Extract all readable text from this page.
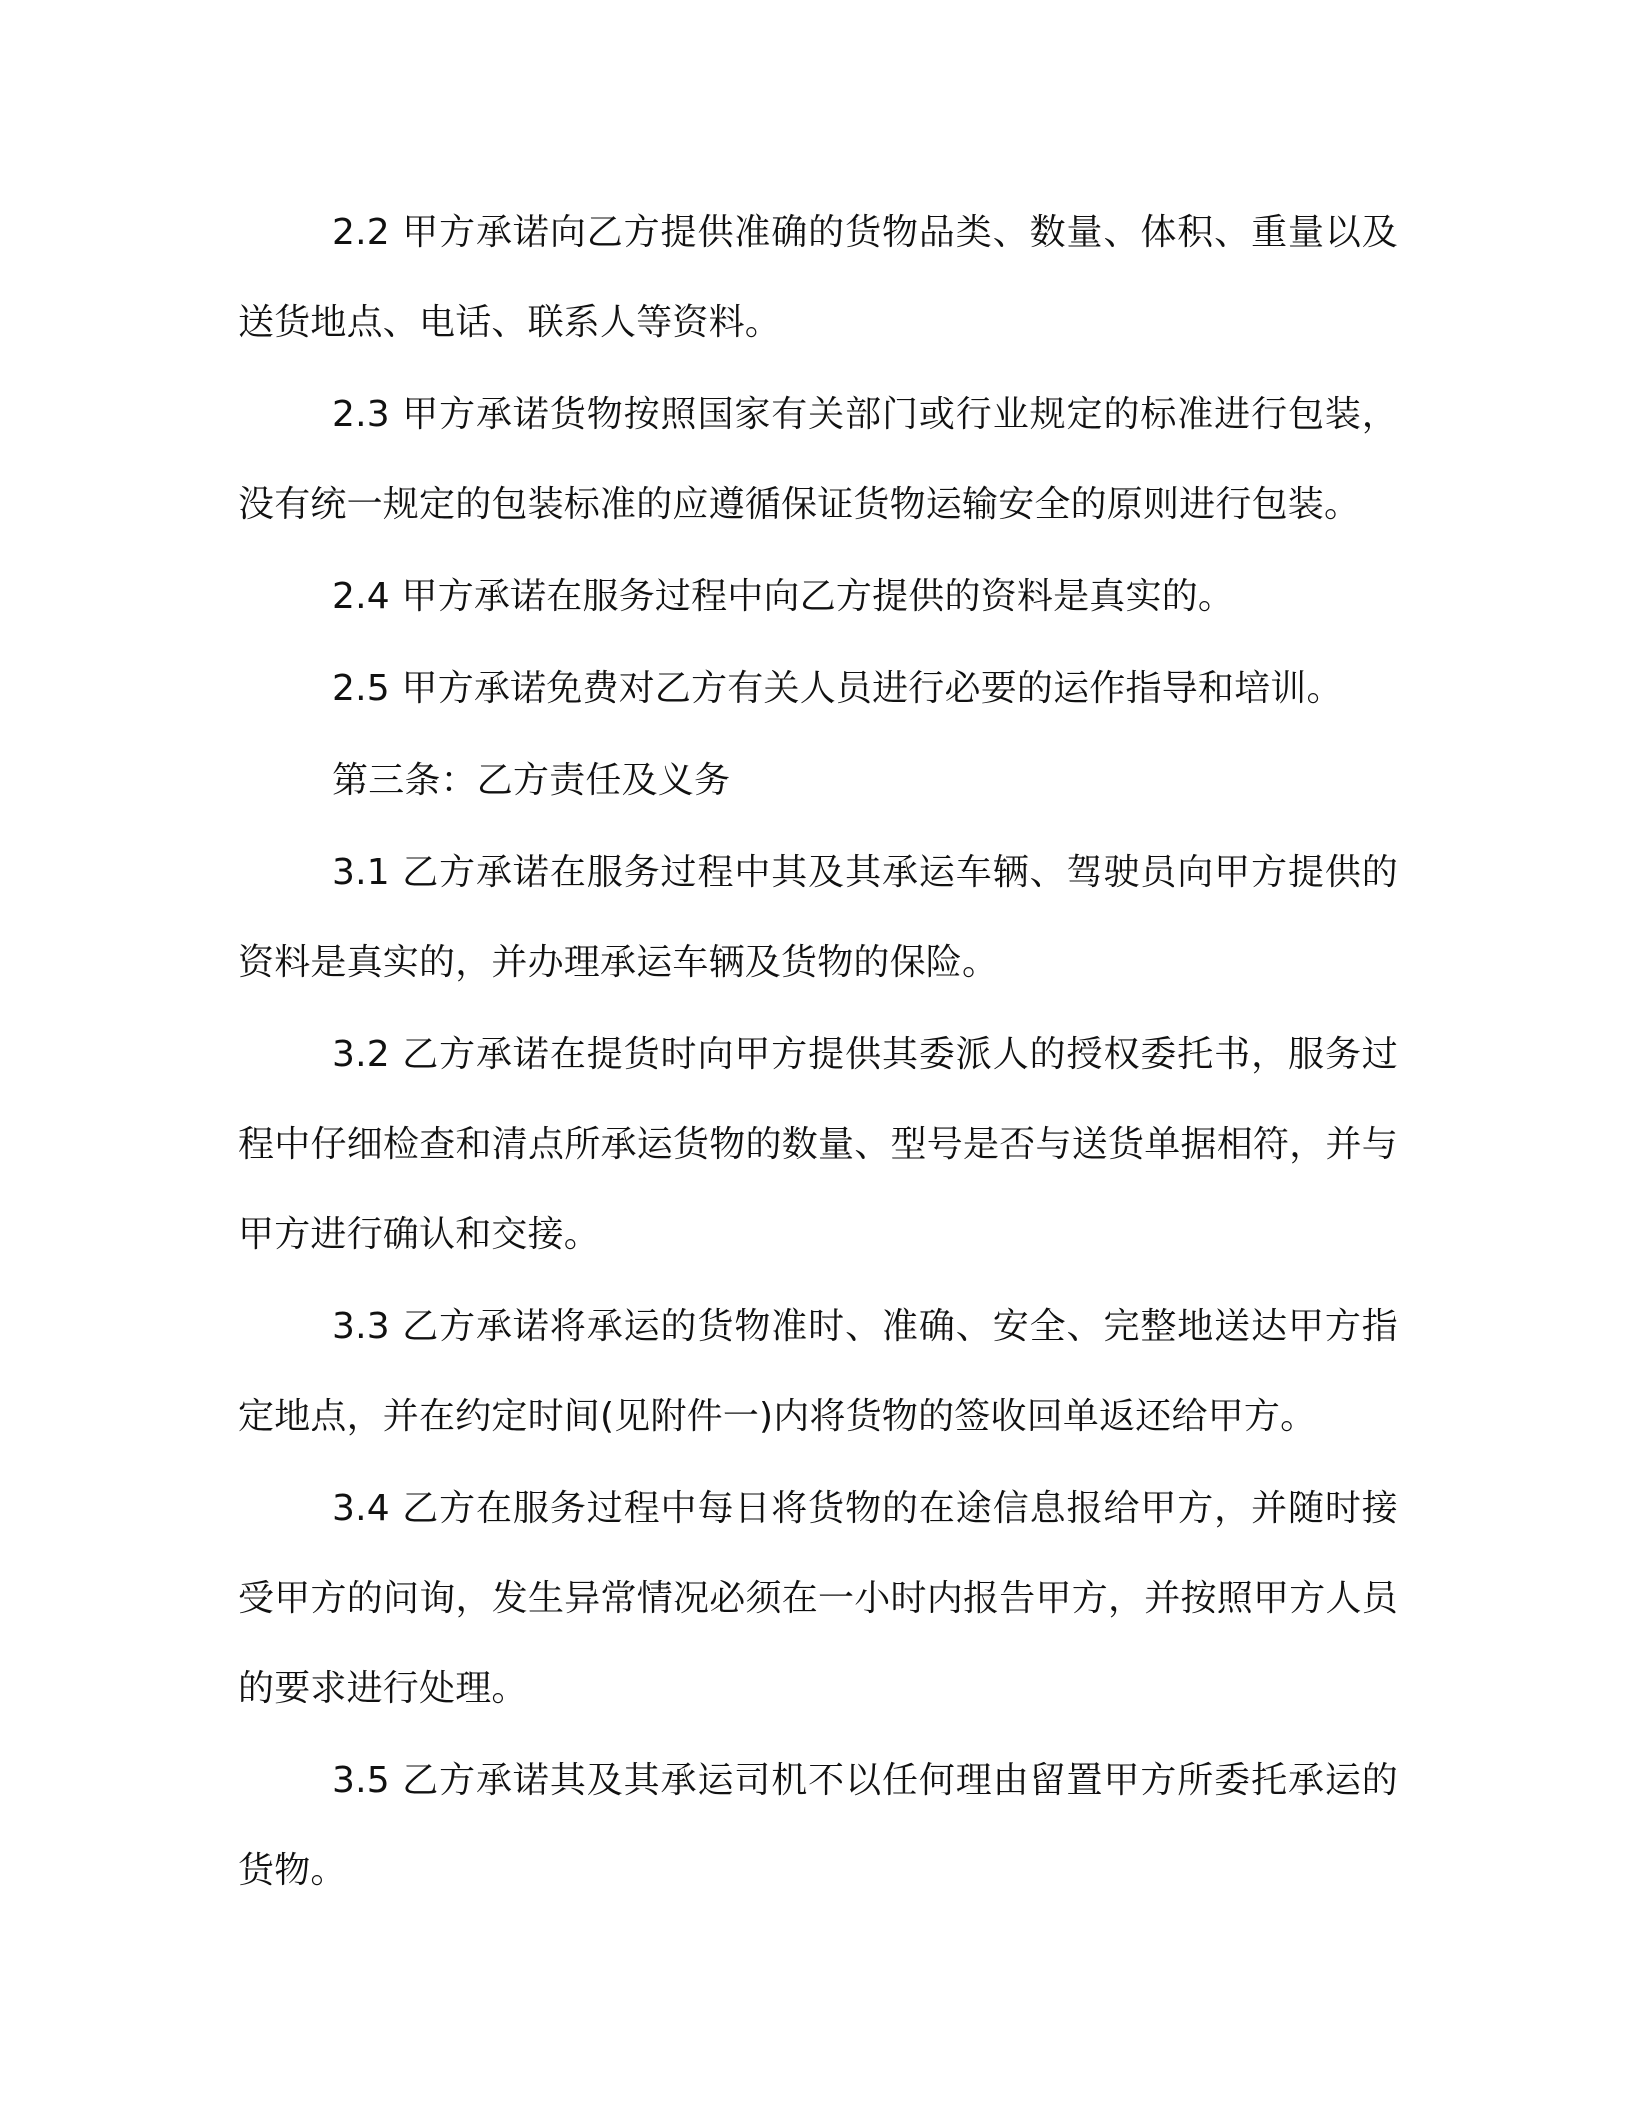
2.2 甲方承诺向乙方提供准确的货物品类、数量、体积、重量以及送货地点、电话、联系人等资料。

2.3 甲方承诺货物按照国家有关部门或行业规定的标准进行包装，没有统一规定的包装标准的应遵循保证货物运输安全的原则进行包装。

2.4 甲方承诺在服务过程中向乙方提供的资料是真实的。

2.5 甲方承诺免费对乙方有关人员进行必要的运作指导和培训。

第三条：乙方责任及义务

3.1 乙方承诺在服务过程中其及其承运车辆、驾驶员向甲方提供的资料是真实的，并办理承运车辆及货物的保险。

3.2 乙方承诺在提货时向甲方提供其委派人的授权委托书，服务过程中仔细检查和清点所承运货物的数量、型号是否与送货单据相符，并与甲方进行确认和交接。

3.3 乙方承诺将承运的货物准时、准确、安全、完整地送达甲方指定地点，并在约定时间(见附件一)内将货物的签收回单返还给甲方。

3.4 乙方在服务过程中每日将货物的在途信息报给甲方，并随时接受甲方的问询，发生异常情况必须在一小时内报告甲方，并按照甲方人员的要求进行处理。

3.5 乙方承诺其及其承运司机不以任何理由留置甲方所委托承运的货物。
